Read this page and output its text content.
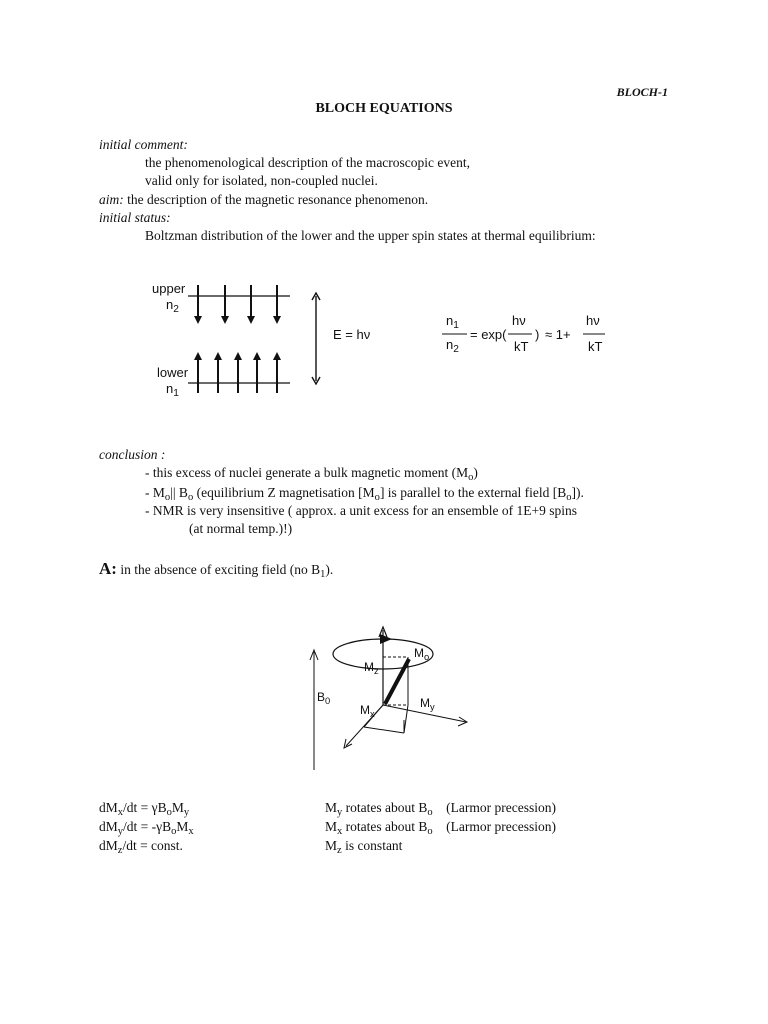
BLOCH-1
BLOCH EQUATIONS
initial comment:
the phenomenological description of the macroscopic event,
valid only for isolated, non-coupled nuclei.
aim: the description of the magnetic resonance phenomenon.
initial status:
Boltzman distribution of the lower and the upper spin states at thermal equilibrium:
upper
$n_2$
lower
$n_1$
E = hν
$n_1$
$n_2$
= exp(
hν
kT
) ≈ 1+
hν
kT
conclusion :
- this excess of nuclei generate a bulk magnetic moment $(M_o)$
- $M_o||$ $B_o$ (equilibrium Z magnetisation $[M_o]$ is parallel to the external field $[B_o]$).
- NMR is very insensitive ( approx. a unit excess for an ensemble of 1E+9 spins
(at normal temp.)!)
A: in the absence of exciting field (no $B_1$).
$B_0$
$M_z$
$M_o$
$M_x$
$M_y$
$dM_x/dt = \gamma B_oM_y$	$M_y$ rotates about $B_o$    (Larmor precession)
$dM_y/dt = -\gamma B_oM_x$	$M_x$ rotates about $B_o$    (Larmor precession)
$dM_z/dt$ = const.	$M_z$ is constant
